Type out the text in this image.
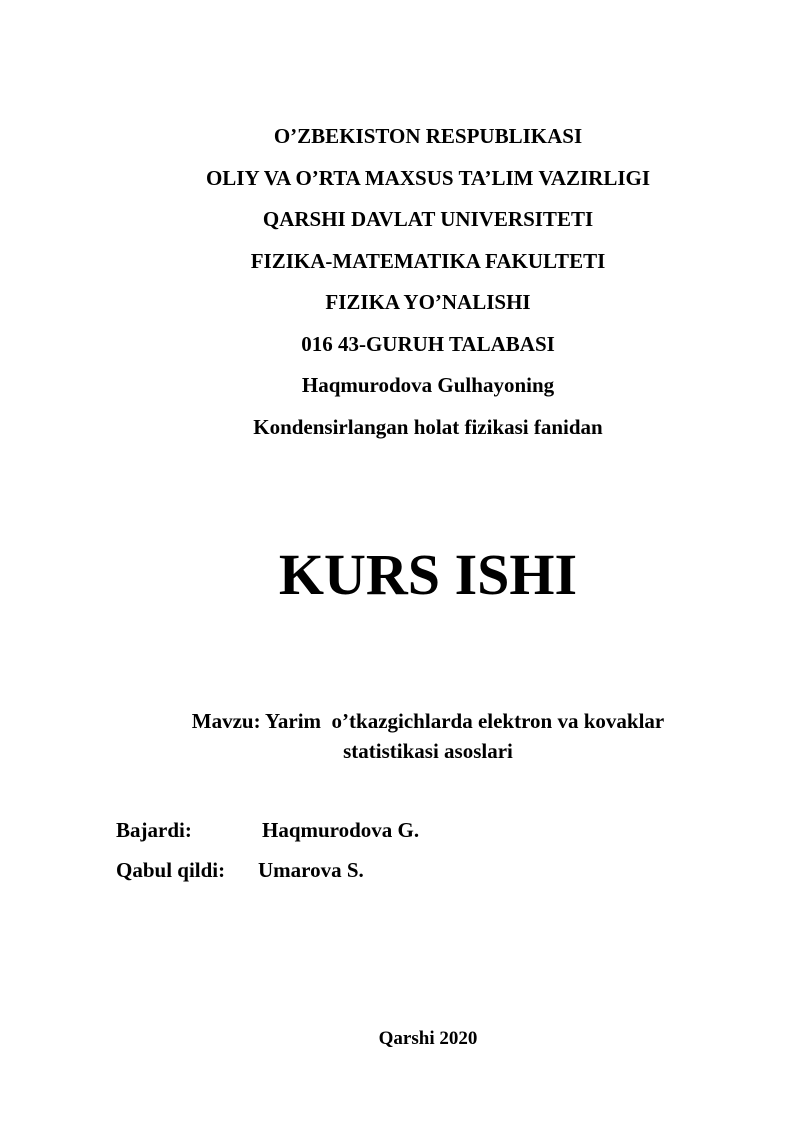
O’ZBEKISTON RESPUBLIKASI
OLIY VA O’RTA MAXSUS TA’LIM VAZIRLIGI
QARSHI DAVLAT UNIVERSITETI
FIZIKA-MATEMATIKA FAKULTETI
FIZIKA YO’NALISHI
016 43-GURUH TALABASI
Haqmurodova Gulhayoning
Kondensirlangan holat fizikasi fanidan
KURS ISHI
Mavzu: Yarim  o’tkazgichlarda elektron va kovaklar
statistikasi asoslari
Bajardi:	Haqmurodova G.
Qabul qildi: Umarova S.
Qarshi 2020
